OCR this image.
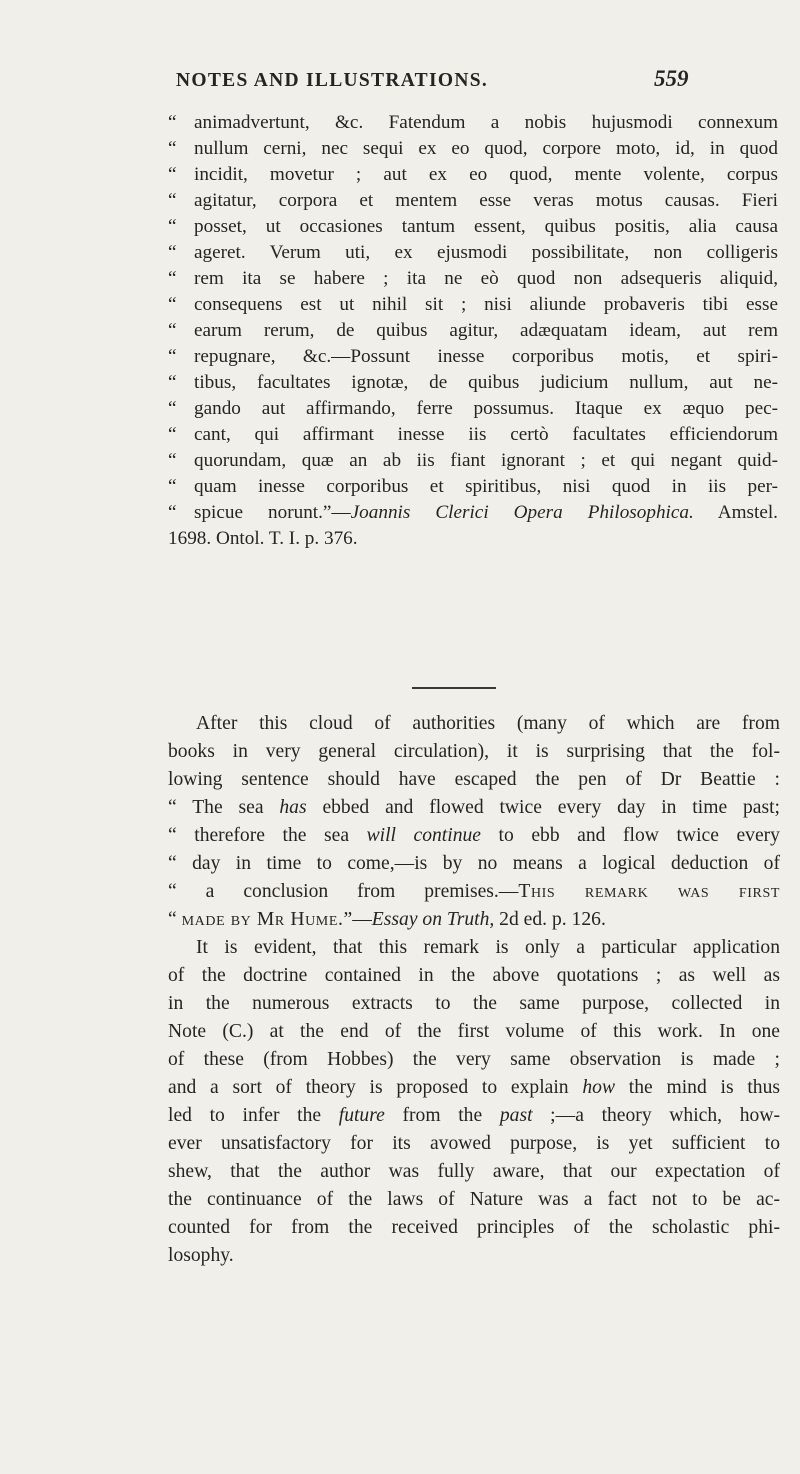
NOTES AND ILLUSTRATIONS.	559
“ animadvertunt, &c. Fatendum a nobis hujusmodi connexum
“ nullum cerni, nec sequi ex eo quod, corpore moto, id, in quod
“ incidit, movetur ; aut ex eo quod, mente volente, corpus
“ agitatur, corpora et mentem esse veras motus causas. Fieri
“ posset, ut occasiones tantum essent, quibus positis, alia causa
“ ageret. Verum uti, ex ejusmodi possibilitate, non colligeris
“ rem ita se habere ; ita ne eò quod non adsequeris aliquid,
“ consequens est ut nihil sit ; nisi aliunde probaveris tibi esse
“ earum rerum, de quibus agitur, adæquatam ideam, aut rem
“ repugnare, &c.—Possunt inesse corporibus motis, et spiri-
“ tibus, facultates ignotæ, de quibus judicium nullum, aut ne-
“ gando aut affirmando, ferre possumus. Itaque ex æquo pec-
“ cant, qui affirmant inesse iis certò facultates efficiendorum
“ quorundam, quæ an ab iis fiant ignorant ; et qui negant quid-
“ quam inesse corporibus et spiritibus, nisi quod in iis per-
“ spicue norunt.”—Joannis Clerici Opera Philosophica. Amstel.
1698. Ontol. T. I. p. 376.
After this cloud of authorities (many of which are from
books in very general circulation), it is surprising that the fol-
lowing sentence should have escaped the pen of Dr Beattie :
“ The sea has ebbed and flowed twice every day in time past;
“ therefore the sea will continue to ebb and flow twice every
“ day in time to come,—is by no means a logical deduction of
“ a conclusion from premises.—This remark was first
“ made by Mr Hume.”—Essay on Truth, 2d ed. p. 126.
It is evident, that this remark is only a particular application
of the doctrine contained in the above quotations ; as well as
in the numerous extracts to the same purpose, collected in
Note (C.) at the end of the first volume of this work. In one
of these (from Hobbes) the very same observation is made ;
and a sort of theory is proposed to explain how the mind is thus
led to infer the future from the past ;—a theory which, how-
ever unsatisfactory for its avowed purpose, is yet sufficient to
shew, that the author was fully aware, that our expectation of
the continuance of the laws of Nature was a fact not to be ac-
counted for from the received principles of the scholastic phi-
losophy.
